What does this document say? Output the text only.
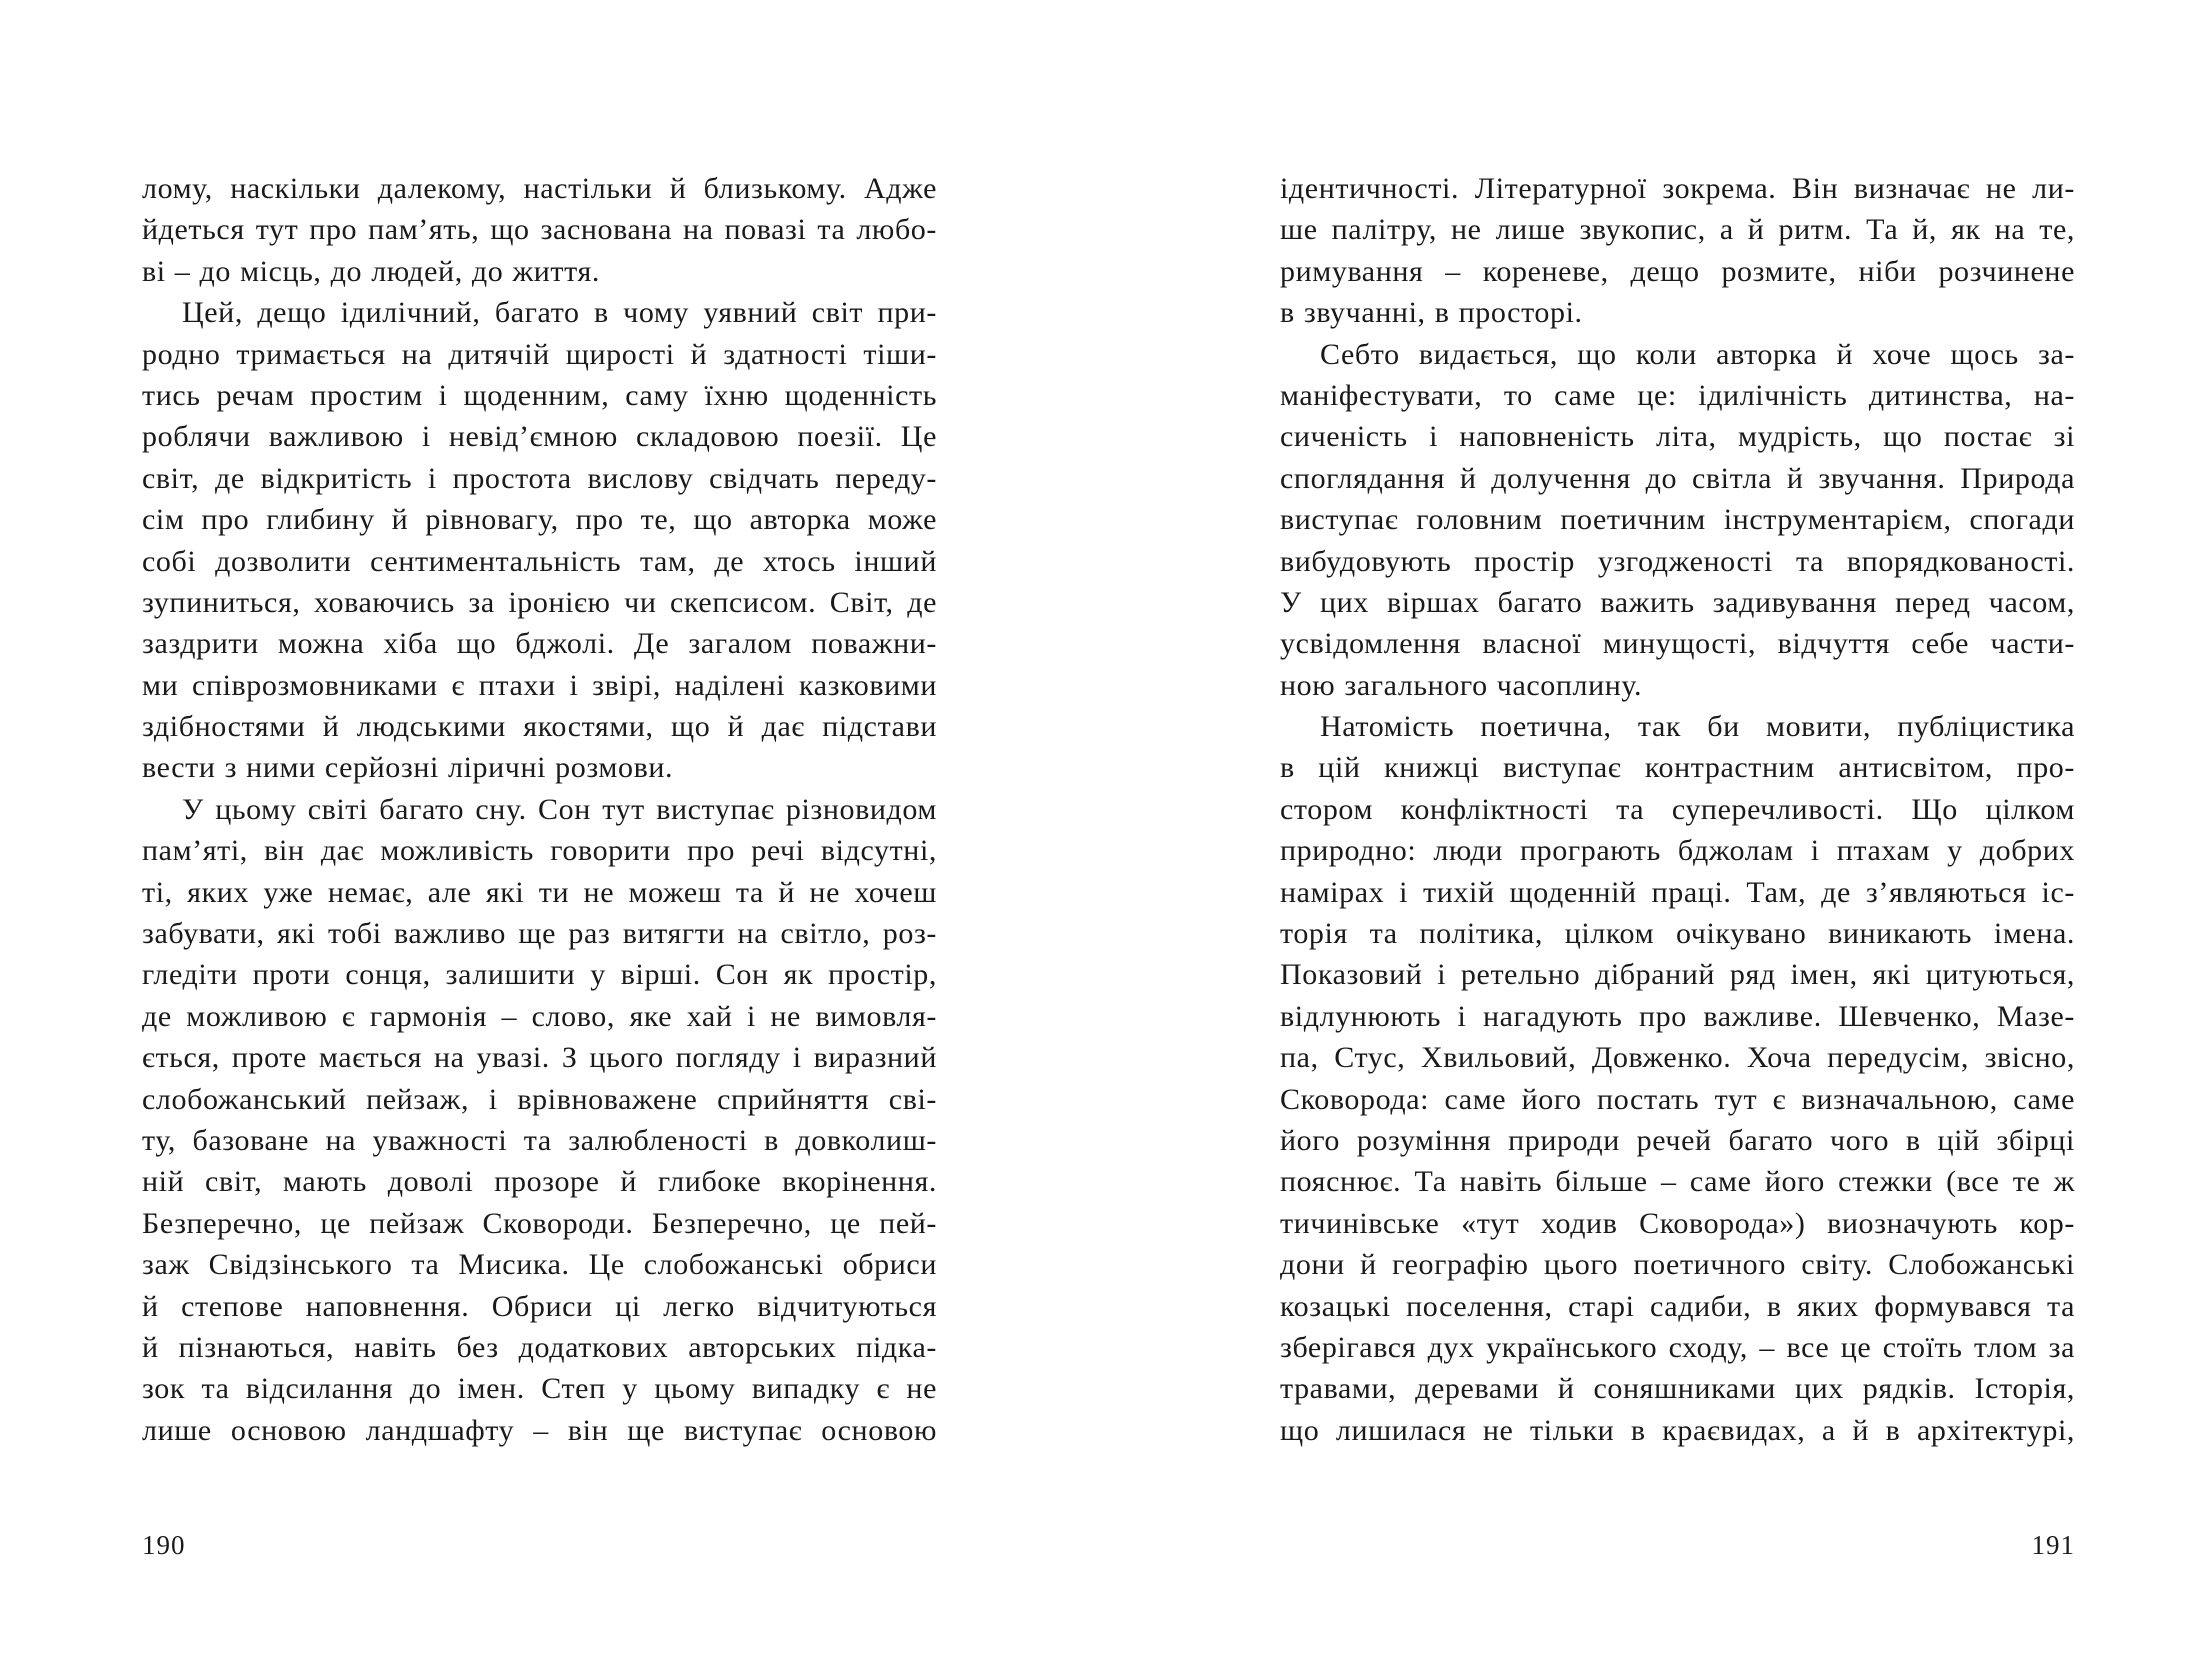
лому, наскільки далекому, настільки й близькому. Адже
йдеться тут про пам’ять, що заснована на повазі та любо-
ві – до місць, до людей, до життя.
Цей, дещо ідилічний, багато в чому уявний світ при-
родно тримається на дитячій щирості й здатності тіши-
тись речам простим і щоденним, саму їхню щоденність
роблячи важливою і невід’ємною складовою поезії. Це
світ, де відкритість і простота вислову свідчать переду-
сім про глибину й рівновагу, про те, що авторка може
собі дозволити сентиментальність там, де хтось інший
зупиниться, ховаючись за іронією чи скепсисом. Світ, де
заздрити можна хіба що бджолі. Де загалом поважни-
ми співрозмовниками є птахи і звірі, наділені казковими
здібностями й людськими якостями, що й дає підстави
вести з ними серйозні ліричні розмови.
У цьому світі багато сну. Сон тут виступає різновидом
пам’яті, він дає можливість говорити про речі відсутні,
ті, яких уже немає, але які ти не можеш та й не хочеш
забувати, які тобі важливо ще раз витягти на світло, роз-
гледіти проти сонця, залишити у вірші. Сон як простір,
де можливою є гармонія – слово, яке хай і не вимовля-
ється, проте мається на увазі. З цього погляду і виразний
слобожанський пейзаж, і врівноважене сприйняття сві-
ту, базоване на уважності та залюбленості в довколиш-
ній світ, мають доволі прозоре й глибоке вкорінення.
Безперечно, це пейзаж Сковороди. Безперечно, це пей-
заж Свідзінського та Мисика. Це слобожанські обриси
й степове наповнення. Обриси ці легко відчитуються
й пізнаються, навіть без додаткових авторських підка-
зок та відсилання до імен. Степ у цьому випадку є не
лише основою ландшафту – він ще виступає основою
190
ідентичності. Літературної зокрема. Він визначає не ли-
ше палітру, не лише звукопис, а й ритм. Та й, як на те,
римування – кореневе, дещо розмите, ніби розчинене
в звучанні, в просторі.
Себто видається, що коли авторка й хоче щось за-
маніфестувати, то саме це: ідилічність дитинства, на-
сиченість і наповненість літа, мудрість, що постає зі
споглядання й долучення до світла й звучання. Природа
виступає головним поетичним інструментарієм, спогади
вибудовують простір узгодженості та впорядкованості.
У цих віршах багато важить задивування перед часом,
усвідомлення власної минущості, відчуття себе части-
ною загального часоплину.
Натомість поетична, так би мовити, публіцистика
в цій книжці виступає контрастним антисвітом, про-
стором конфліктності та суперечливості. Що цілком
природно: люди програють бджолам і птахам у добрих
намірах і тихій щоденній праці. Там, де з’являються іс-
торія та політика, цілком очікувано виникають імена.
Показовий і ретельно дібраний ряд імен, які цитуються,
відлунюють і нагадують про важливе. Шевченко, Мазе-
па, Стус, Хвильовий, Довженко. Хоча передусім, звісно,
Сковорода: саме його постать тут є визначальною, саме
його розуміння природи речей багато чого в цій збірці
пояснює. Та навіть більше – саме його стежки (все те ж
тичинівське «тут ходив Сковорода») виозначують кор-
дони й географію цього поетичного світу. Слобожанські
козацькі поселення, старі садиби, в яких формувався та
зберігався дух українського сходу, – все це стоїть тлом за
травами, деревами й соняшниками цих рядків. Історія,
що лишилася не тільки в краєвидах, а й в архітектурі,
191
